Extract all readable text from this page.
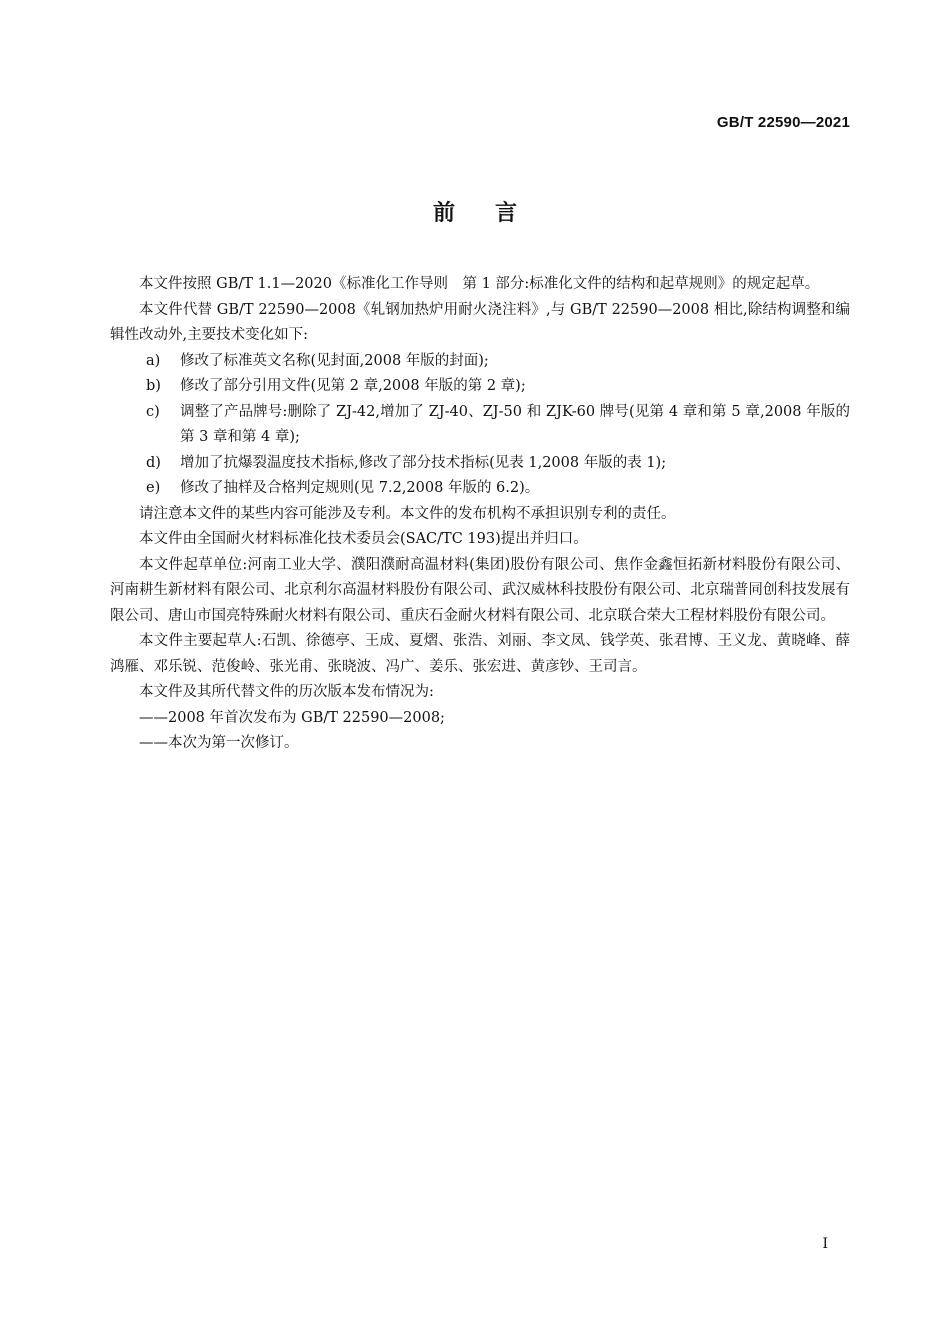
GB/T 22590—2021
前言

本文件按照 GB/T 1.1—2020《标准化工作导则　第 1 部分:标准化文件的结构和起草规则》的规定起草。

本文件代替 GB/T 22590—2008《轧钢加热炉用耐火浇注料》,与 GB/T 22590—2008 相比,除结构调整和编辑性改动外,主要技术变化如下:

a) 修改了标准英文名称(见封面,2008 年版的封面);

b) 修改了部分引用文件(见第 2 章,2008 年版的第 2 章);

c) 调整了产品牌号:删除了 ZJ-42,增加了 ZJ-40、ZJ-50 和 ZJK-60 牌号(见第 4 章和第 5 章,2008 年版的第 3 章和第 4 章);

d) 增加了抗爆裂温度技术指标,修改了部分技术指标(见表 1,2008 年版的表 1);

e) 修改了抽样及合格判定规则(见 7.2,2008 年版的 6.2)。

请注意本文件的某些内容可能涉及专利。本文件的发布机构不承担识别专利的责任。

本文件由全国耐火材料标准化技术委员会(SAC/TC 193)提出并归口。

本文件起草单位:河南工业大学、濮阳濮耐高温材料(集团)股份有限公司、焦作金鑫恒拓新材料股份有限公司、河南耕生新材料有限公司、北京利尔高温材料股份有限公司、武汉威林科技股份有限公司、北京瑞普同创科技发展有限公司、唐山市国亮特殊耐火材料有限公司、重庆石金耐火材料有限公司、北京联合荣大工程材料股份有限公司。

本文件主要起草人:石凯、徐德亭、王成、夏熠、张浩、刘丽、李文凤、钱学英、张君博、王义龙、黄晓峰、薛鸿雁、邓乐锐、范俊岭、张光甫、张晓波、冯广、姜乐、张宏进、黄彦钞、王司言。

本文件及其所代替文件的历次版本发布情况为:

——2008 年首次发布为 GB/T 22590—2008;

——本次为第一次修订。

I
